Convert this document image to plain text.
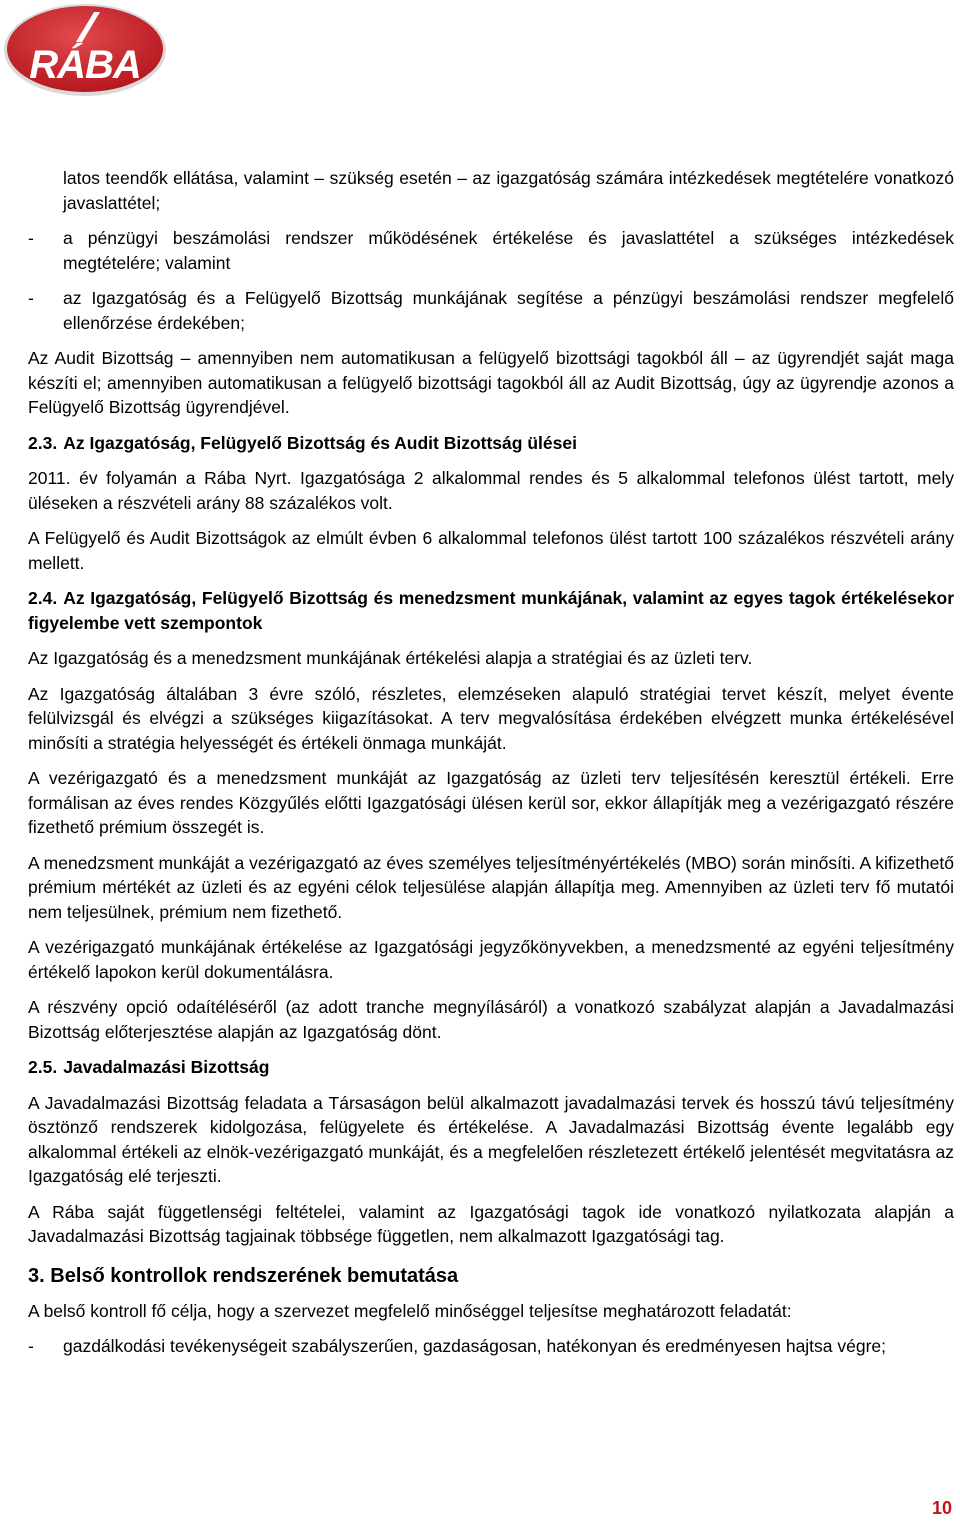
RÁBA

latos teendők ellátása, valamint – szükség esetén – az igazgatóság számára intézkedések megtételére vonatkozó javaslattétel;

- a pénzügyi beszámolási rendszer működésének értékelése és javaslattétel a szükséges intézkedések megtételére; valamint

- az Igazgatóság és a Felügyelő Bizottság munkájának segítése a pénzügyi beszámolási rendszer megfelelő ellenőrzése érdekében;

Az Audit Bizottság – amennyiben nem automatikusan a felügyelő bizottsági tagokból áll – az ügyrendjét saját maga készíti el; amennyiben automatikusan a felügyelő bizottsági tagokból áll az Audit Bizottság, úgy az ügyrendje azonos a Felügyelő Bizottság ügyrendjével.

2.3. Az Igazgatóság, Felügyelő Bizottság és Audit Bizottság ülései

2011. év folyamán a Rába Nyrt. Igazgatósága 2 alkalommal rendes és 5 alkalommal telefonos ülést tartott, mely üléseken a részvételi arány 88 százalékos volt.

A Felügyelő és Audit Bizottságok az elmúlt évben 6 alkalommal telefonos ülést tartott 100 százalékos részvételi arány mellett.

2.4. Az Igazgatóság, Felügyelő Bizottság és menedzsment munkájának, valamint az egyes tagok értékelésekor figyelembe vett szempontok

Az Igazgatóság és a menedzsment munkájának értékelési alapja a stratégiai és az üzleti terv.

Az Igazgatóság általában 3 évre szóló, részletes, elemzéseken alapuló stratégiai tervet készít, melyet évente felülvizsgál és elvégzi a szükséges kiigazításokat. A terv megvalósítása érdekében elvégzett munka értékelésével minősíti a stratégia helyességét és értékeli önmaga munkáját.

A vezérigazgató és a menedzsment munkáját az Igazgatóság az üzleti terv teljesítésén keresztül értékeli. Erre formálisan az éves rendes Közgyűlés előtti Igazgatósági ülésen kerül sor, ekkor állapítják meg a vezérigazgató részére fizethető prémium összegét is.

A menedzsment munkáját a vezérigazgató az éves személyes teljesítményértékelés (MBO) során minősíti. A kifizethető prémium mértékét az üzleti és az egyéni célok teljesülése alapján állapítja meg. Amennyiben az üzleti terv fő mutatói nem teljesülnek, prémium nem fizethető.

A vezérigazgató munkájának értékelése az Igazgatósági jegyzőkönyvekben, a menedzsmenté az egyéni teljesítmény értékelő lapokon kerül dokumentálásra.

A részvény opció odaítéléséről (az adott tranche megnyílásáról) a vonatkozó szabályzat alapján a Javadalmazási Bizottság előterjesztése alapján az Igazgatóság dönt.

2.5. Javadalmazási Bizottság

A Javadalmazási Bizottság feladata a Társaságon belül alkalmazott javadalmazási tervek és hosszú távú teljesítmény ösztönző rendszerek kidolgozása, felügyelete és értékelése. A Javadalmazási Bizottság évente legalább egy alkalommal értékeli az elnök-vezérigazgató munkáját, és a megfelelően részletezett értékelő jelentését megvitatásra az Igazgatóság elé terjeszti.

A Rába saját függetlenségi feltételei, valamint az Igazgatósági tagok ide vonatkozó nyilatkozata alapján a Javadalmazási Bizottság tagjainak többsége független, nem alkalmazott Igazgatósági tag.

3. Belső kontrollok rendszerének bemutatása

A belső kontroll fő célja, hogy a szervezet megfelelő minőséggel teljesítse meghatározott feladatát:

- gazdálkodási tevékenységeit szabályszerűen, gazdaságosan, hatékonyan és eredményesen hajtsa végre;

10
